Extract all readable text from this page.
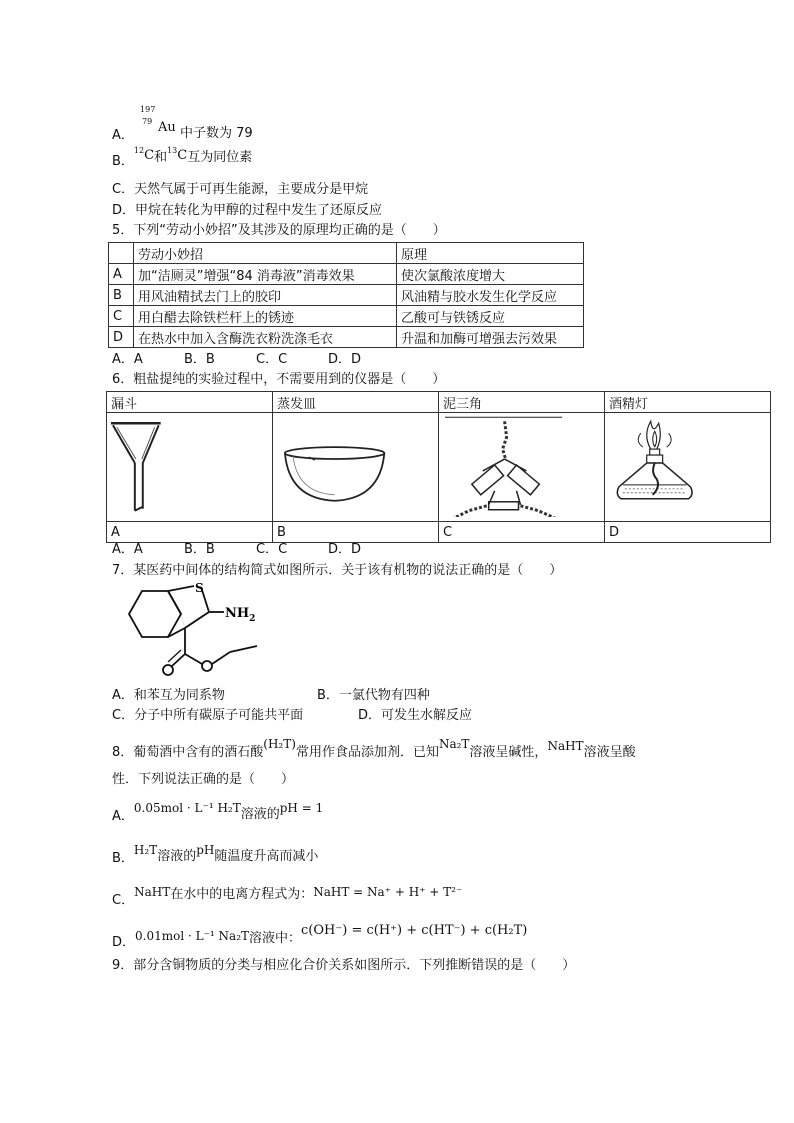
A．
197
79 Au 中子数为 79
B．$^{12}$C和$^{13}$C互为同位素
C．天然气属于可再生能源，主要成分是甲烷
D．甲烷在转化为甲醇的过程中发生了还原反应
5．下列“劳动小妙招”及其涉及的原理均正确的是（　　）
	劳动小妙招	原理
A	加“洁厕灵”增强“84 消毒液”消毒效果	使次氯酸浓度增大
B	用风油精拭去门上的胶印	风油精与胶水发生化学反应
C	用白醋去除铁栏杆上的锈迹	乙酸可与铁锈反应
D	在热水中加入含酶洗衣粉洗涤毛衣	升温和加酶可增强去污效果
A．A	B．B	C．C	D．D
6．粗盐提纯的实验过程中，不需要用到的仪器是（　　）
漏斗	蒸发皿	泥三角	酒精灯

A	B	C	D
A．A	B．B	C．C	D．D
7．某医药中间体的结构简式如图所示．关于该有机物的说法正确的是（　　）
S
$NH_2$
A．和苯互为同系物	B．一氯代物有四种
C．分子中所有碳原子可能共平面	D．可发生水解反应
8．葡萄酒中含有的酒石酸(H₂T)常用作食品添加剂．已知Na₂T溶液呈碱性，NaHT溶液呈酸
性．下列说法正确的是（　　）
A．0.05mol · L⁻¹ H₂T溶液的pH = 1
B．H₂T溶液的pH随温度升高而减小
C．NaHT在水中的电离方程式为：NaHT = Na⁺ + H⁺ + T²⁻
D．0.01mol · L⁻¹ Na₂T溶液中：c(OH⁻) = c(H⁺) + c(HT⁻) + c(H₂T)
9．部分含铜物质的分类与相应化合价关系如图所示．下列推断错误的是（　　）
